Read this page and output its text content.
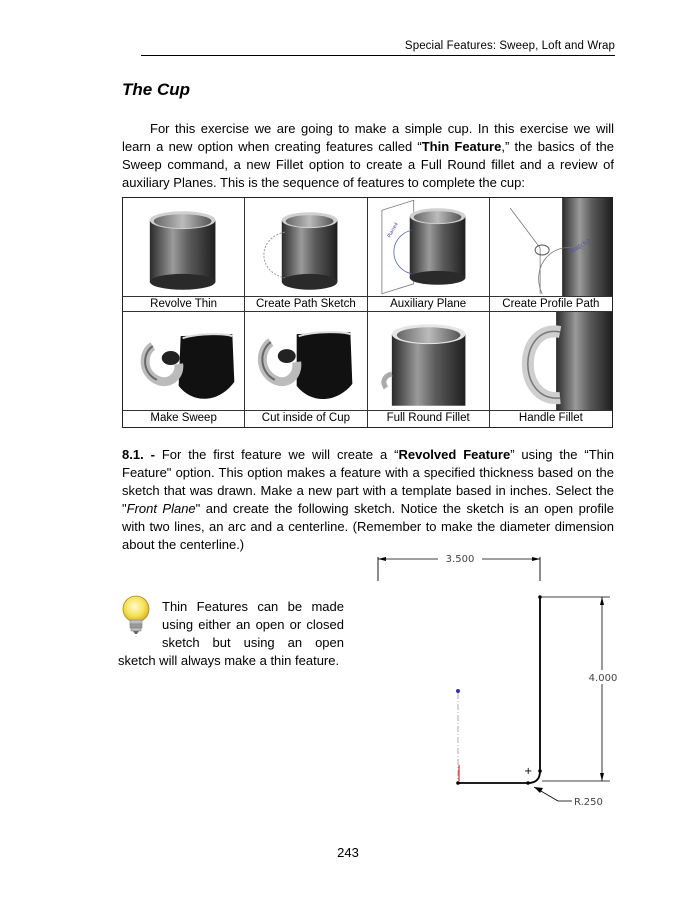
Special Features: Sweep, Loft and Wrap
The Cup

For this exercise we are going to make a simple cup. In this exercise we will learn a new option when creating features called “Thin Feature,” the basics of the Sweep command, a new Fillet option to create a Full Round fillet and a review of auxiliary Planes. This is the sequence of features to complete the cup:

Plane4
Sketch2
Revolve Thin	Create Path Sketch	Auxiliary Plane	Create Profile Path
Make Sweep	Cut inside of Cup	Full Round Fillet	Handle Fillet

8.1. - For the first feature we will create a “Revolved Feature” using the “Thin Feature" option. This option makes a feature with a specified thickness based on the sketch that was drawn. Make a new part with a template based in inches. Select the "Front Plane" and create the following sketch. Notice the sketch is an open profile with two lines, an arc and a centerline. (Remember to make the diameter dimension about the centerline.)

Thin Features can be made using either an open or closed sketch but using an open sketch will always make a thin feature.

3.500
4.000
+
R.250
243
